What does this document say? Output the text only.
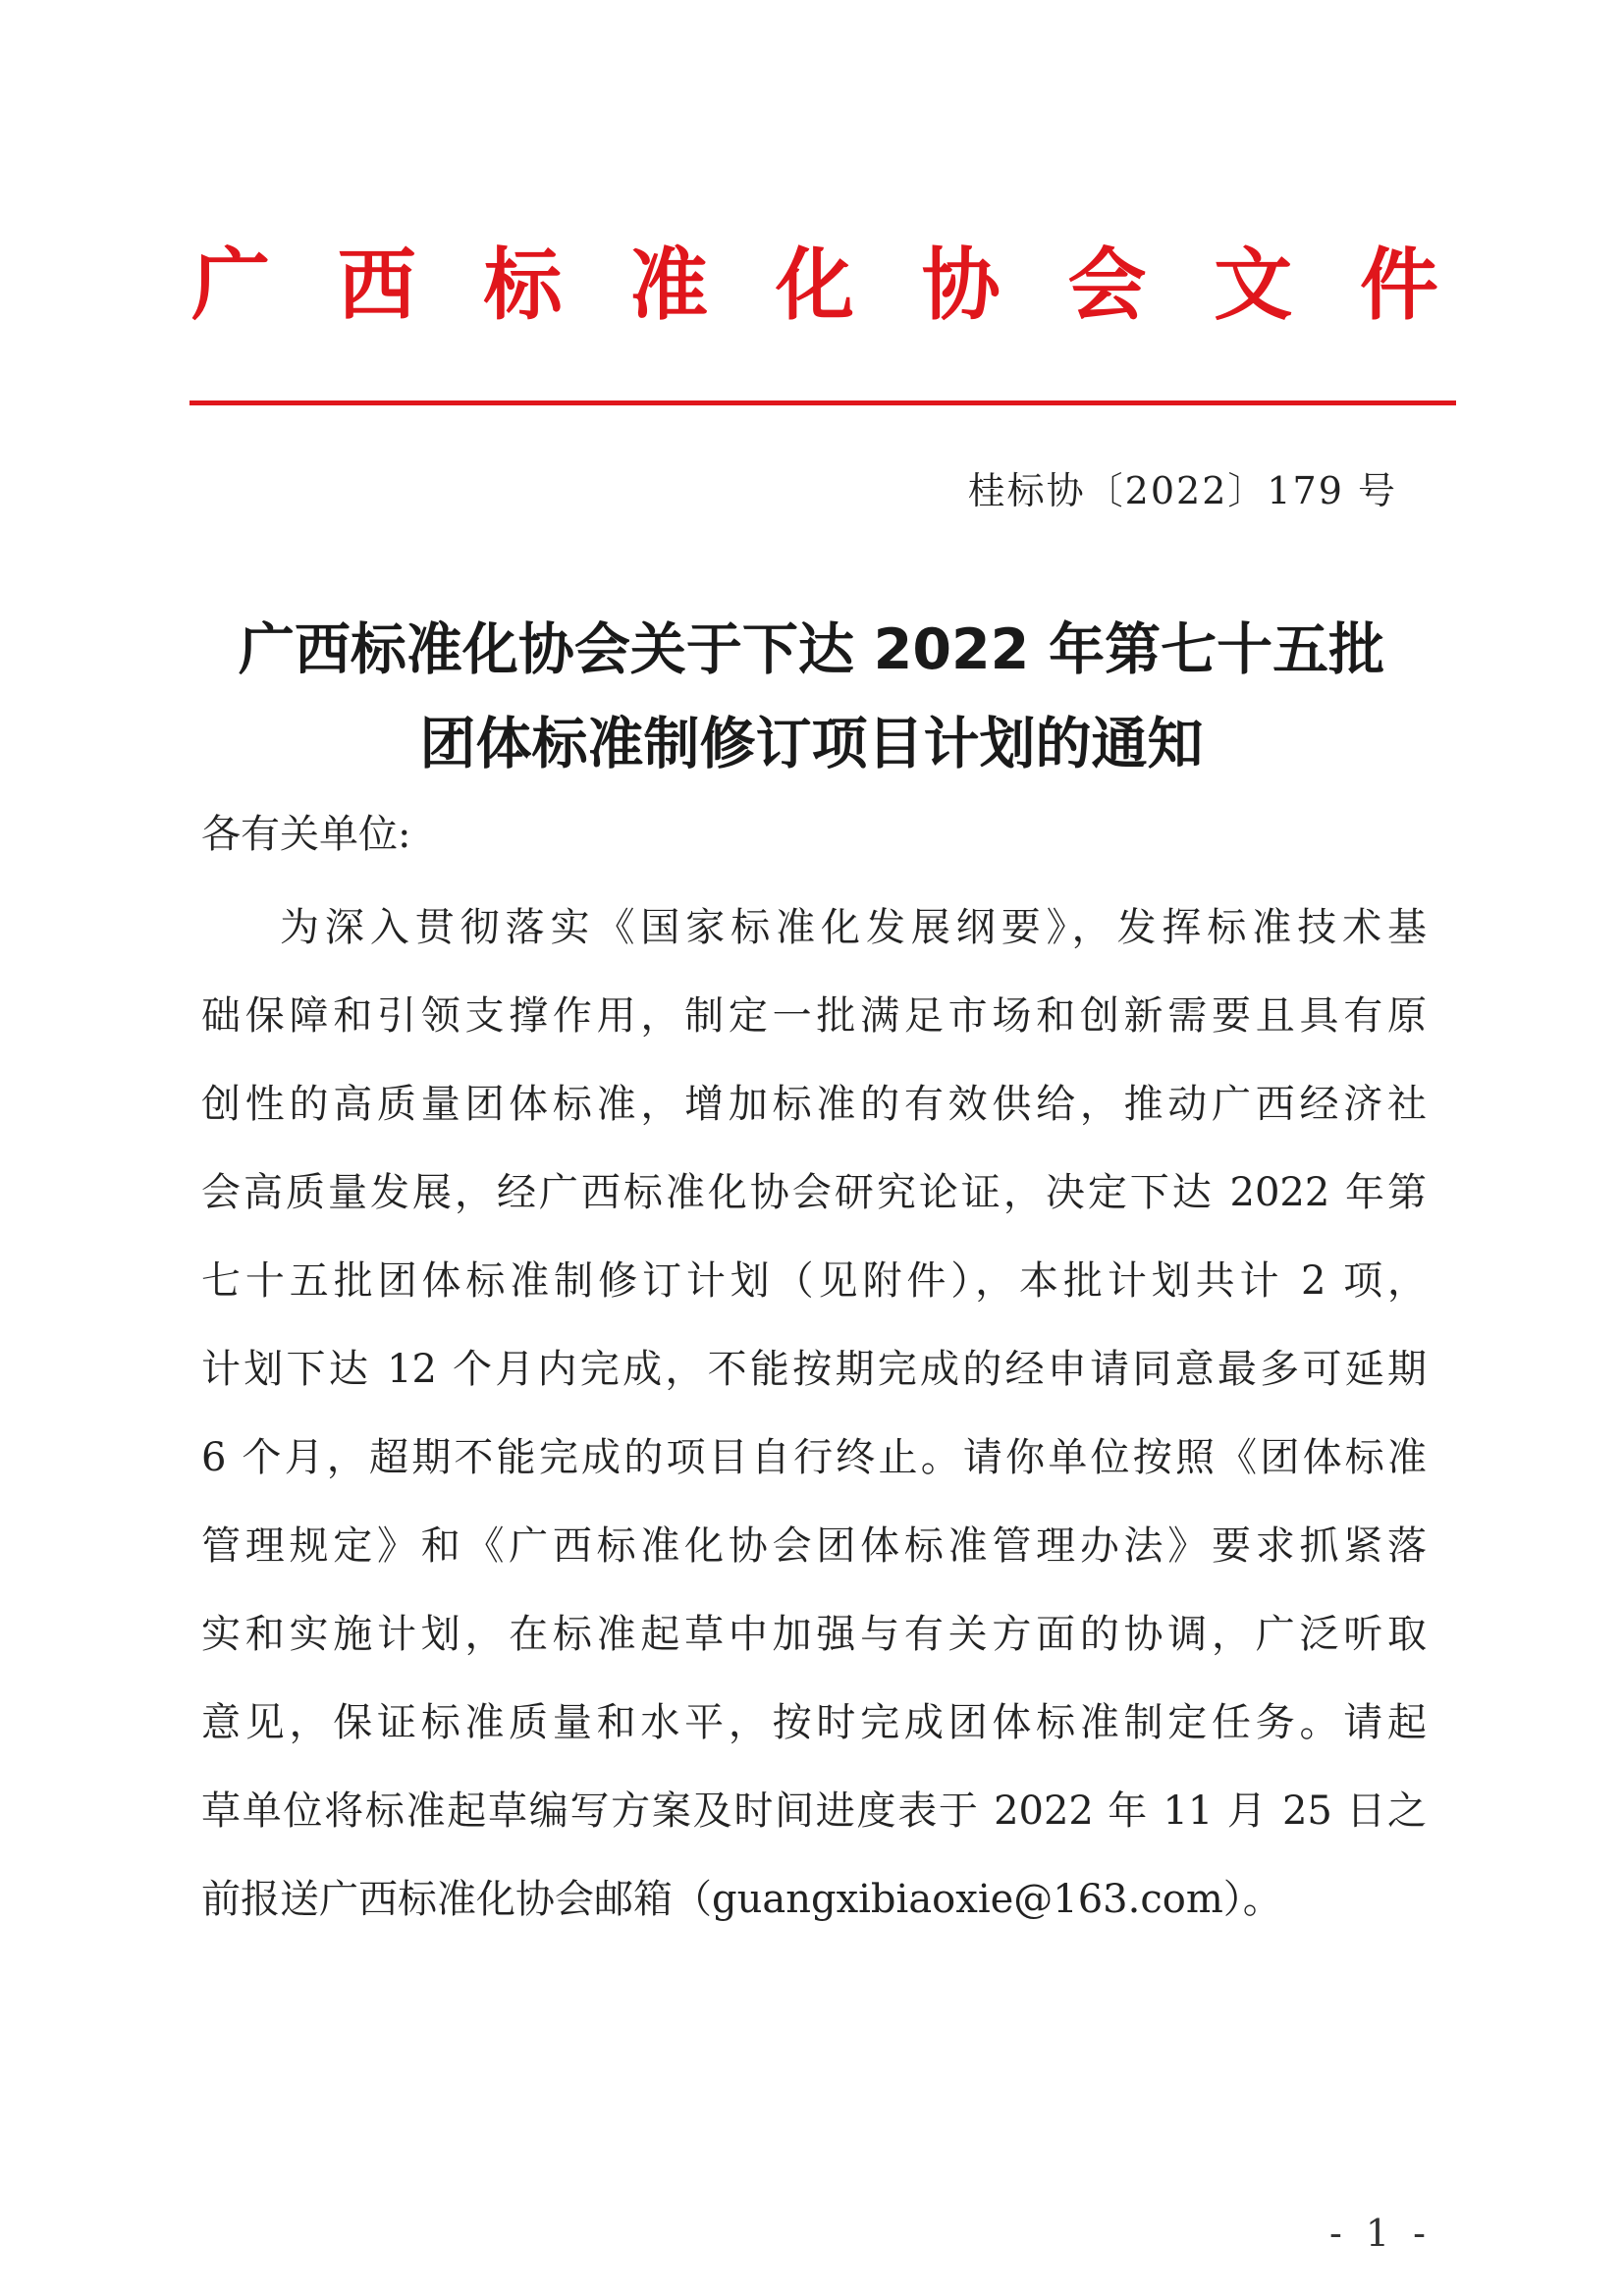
广 西 标 准 化 协 会 文 件
桂标协〔2022〕179 号
广西标准化协会关于下达 2022 年第七十五批
团体标准制修订项目计划的通知
各有关单位:
为深入贯彻落实《国家标准化发展纲要》，发挥标准技术基
础保障和引领支撑作用，制定一批满足市场和创新需要且具有原
创性的高质量团体标准，增加标准的有效供给，推动广西经济社
会高质量发展，经广西标准化协会研究论证，决定下达 2022 年第
七十五批团体标准制修订计划（见附件），本批计划共计 2 项，
计划下达 12 个月内完成，不能按期完成的经申请同意最多可延期
6 个月，超期不能完成的项目自行终止。请你单位按照《团体标准
管理规定》和《广西标准化协会团体标准管理办法》要求抓紧落
实和实施计划，在标准起草中加强与有关方面的协调，广泛听取
意见，保证标准质量和水平，按时完成团体标准制定任务。请起
草单位将标准起草编写方案及时间进度表于 2022 年 11 月 25 日之
前报送广西标准化协会邮箱（guangxibiaoxie@163.com）。
- 1 -
